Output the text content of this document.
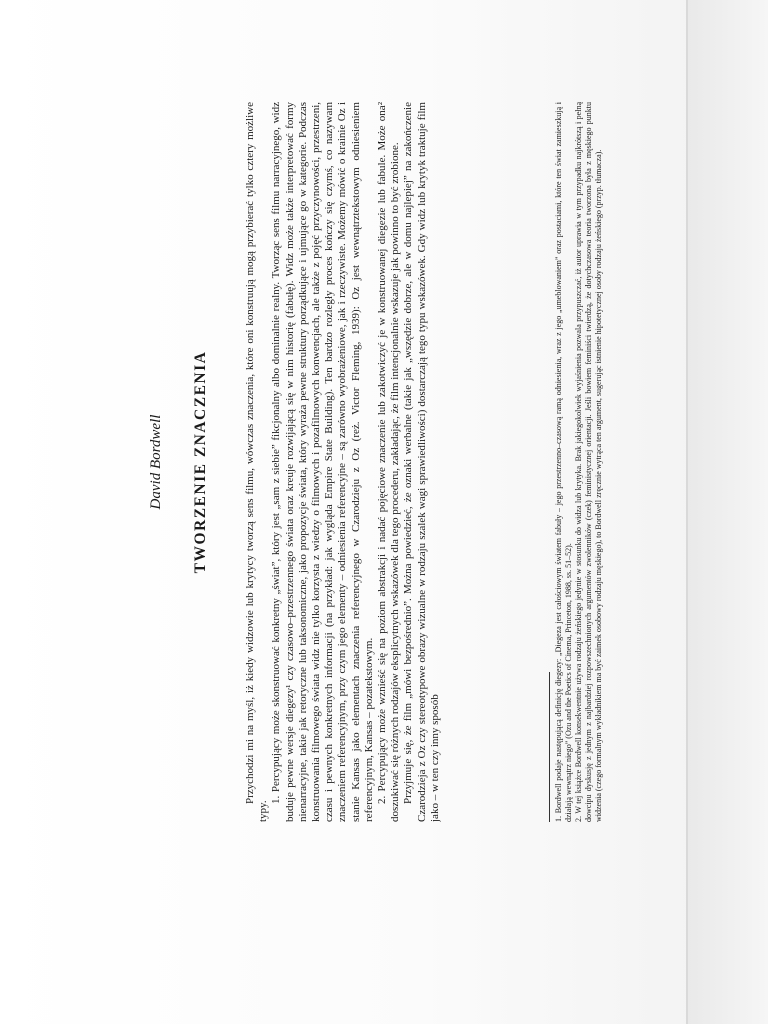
David Bordwell TWORZENIE ZNACZENIA	Przychodzi mi na myśl, iż kiedy widzowie lub krytycy tworzą sens filmu, wówczas znaczenia, które oni konstruują mogą przybierać tylko cztery możliwe typy.

1. Percypujący może skonstruować konkretny „świat”, który jest „sam z siebie” fikcjonalny albo dominalnie realny. Tworząc sens filmu narracyjnego, widz buduje pewne wersje diegezy¹ czy czasowo–przestrzennego świata oraz kreuje rozwijającą się w nim historię (fabułę). Widz może także interpretować formy nienarracyjne, takie jak retoryczne lub taksonomiczne, jako propozycje świata, który wyraża pewne struktury porządkujące i ujmujące go w kategorie. Podczas konstruowania filmowego świata widz nie tylko korzysta z wiedzy o filmowych i pozafilmowych konwencjach, ale także z pojęć przyczynowości, przestrzeni, czasu i pewnych konkretnych informacji (na przykład: jak wygląda Empire State Building). Ten bardzo rozległy proces kończy się czymś, co nazywam znaczeniem referencyjnym, przy czym jego elementy – odniesienia referencyjne – są zarówno wyobrażeniowe, jak i rzeczywiste. Możemy mówić o krainie Oz i stanie Kansas jako elementach znaczenia referencyjnego w Czarodzieju z Oz (reż. Victor Fleming, 1939): Oz jest wewnątrztekstowym odniesieniem referencyjnym, Kansas – pozatekstowym. 2. Percypujący może wznieść się na poziom abstrakcji i nadać pojęciowe znaczenie lub zakotwiczyć je w konstruowanej diegezie lub fabule. Może ona² doszukiwać się różnych rodzajów eksplicytnych wskazówek dla tego procederu, zakładając, że film intencjonalnie wskazuje jak powinno to być zrobione. Przyjmuje się, że film „mówi bezpośrednio”. Można powiedzieć, że oznaki werbalne (takie jak „wszędzie dobrze, ale w domu najlepiej” na zakończenie Czarodzieja z Oz czy stereotypowe obrazy wizualne w rodzaju szalek wagi sprawiedliwości) dostarczają tego typu wskazówek. Gdy widz lub krytyk traktuje film jako – w ten czy inny sposób	1. Bordwell podaje następującą definicję diegezy: „Diegeza jest całościowym światem fabuły – jego przestrzenno–czasową ramą odniesienia, wraz z jego „umeblowaniem” oraz postaciami, które ten świat zamieszkują i działają wewnątrz niego” (Ozu and the Poetics of Cinema, Princeton, 1988, ss. 51–52). 2. W tej książce Bordwell konsekwentnie używa rodzaju żeńskiego jedynie w stosunku do widza lub krytyka. Brak jakiegokolwiek wyjaśnienia pozwala przypuszczać, iż autor uprawia w tym przypadku najkrótszą i pełną dowcipu dyskusję z jednym z najbardziej rozpowszechnionych argumentów zwolenników (czek) feministycznej orientacji. Jeśli bowiem feminiści twierdzą, że dotychczasowa teoria tworzona była z męskiego punktu widzenia (czego formalnym wykładnikiem ma być zaimek osobowy rodzaju męskiego), to Bordwell zręcznie wytrąca ten argument, sugerując istnienie hipotetycznej osoby rodzaju żeńskiego (przyp. tłumacza).
